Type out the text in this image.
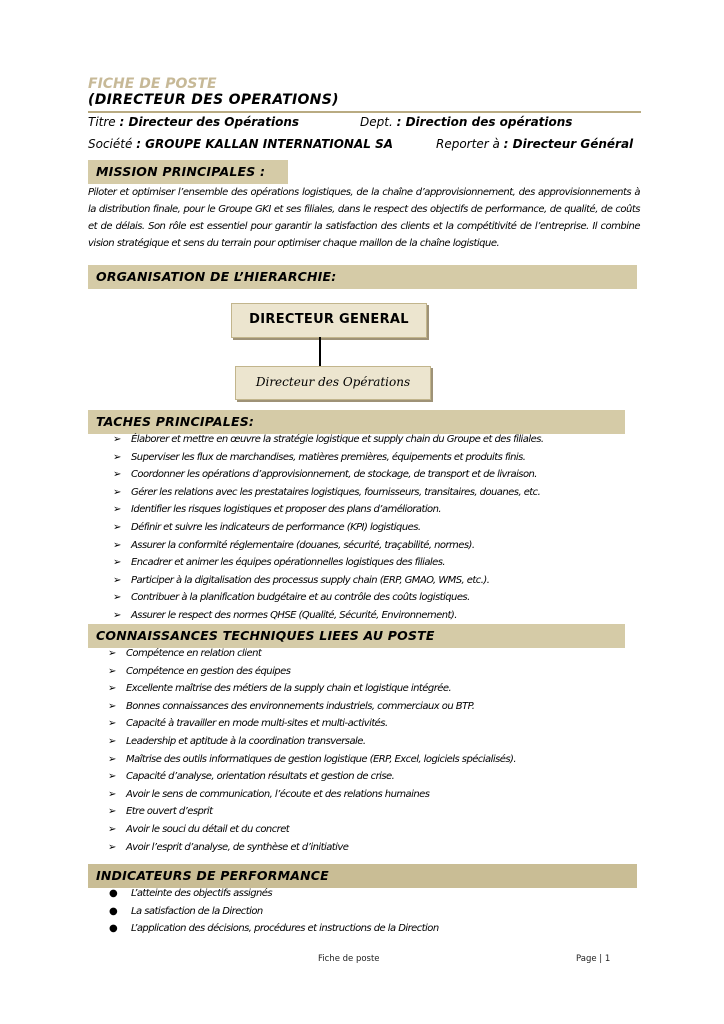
FICHE DE POSTE
(DIRECTEUR DES OPERATIONS)
Titre : Directeur des Opérations	Dept. : Direction des opérations
Société : GROUPE KALLAN INTERNATIONAL SA	Reporter à : Directeur Général
MISSION PRINCIPALES :
Piloter et optimiser l’ensemble des opérations logistiques, de la chaîne d’approvisionnement, des approvisionnements à la distribution finale, pour le Groupe GKI et ses filiales, dans le respect des objectifs de performance, de qualité, de coûts et de délais. Son rôle est essentiel pour garantir la satisfaction des clients et la compétitivité de l’entreprise. Il combine vision stratégique et sens du terrain pour optimiser chaque maillon de la chaîne logistique.
ORGANISATION DE L’HIERARCHIE:
DIRECTEUR GENERAL
Directeur des Opérations
TACHES PRINCIPALES:
➢ Élaborer et mettre en œuvre la stratégie logistique et supply chain du Groupe et des filiales.
➢ Superviser les flux de marchandises, matières premières, équipements et produits finis.
➢ Coordonner les opérations d’approvisionnement, de stockage, de transport et de livraison.
➢ Gérer les relations avec les prestataires logistiques, fournisseurs, transitaires, douanes, etc.
➢ Identifier les risques logistiques et proposer des plans d’amélioration.
➢ Définir et suivre les indicateurs de performance (KPI) logistiques.
➢ Assurer la conformité réglementaire (douanes, sécurité, traçabilité, normes).
➢ Encadrer et animer les équipes opérationnelles logistiques des filiales.
➢ Participer à la digitalisation des processus supply chain (ERP, GMAO, WMS, etc.).
➢ Contribuer à la planification budgétaire et au contrôle des coûts logistiques.
➢ Assurer le respect des normes QHSE (Qualité, Sécurité, Environnement).
CONNAISSANCES TECHNIQUES LIEES AU POSTE
➢ Compétence en relation client
➢ Compétence en gestion des équipes
➢ Excellente maîtrise des métiers de la supply chain et logistique intégrée.
➢ Bonnes connaissances des environnements industriels, commerciaux ou BTP.
➢ Capacité à travailler en mode multi-sites et multi-activités.
➢ Leadership et aptitude à la coordination transversale.
➢ Maîtrise des outils informatiques de gestion logistique (ERP, Excel, logiciels spécialisés).
➢ Capacité d’analyse, orientation résultats et gestion de crise.
➢ Avoir le sens de communication, l’écoute et des relations humaines
➢ Etre ouvert d’esprit
➢ Avoir le souci du détail et du concret
➢ Avoir l’esprit d’analyse, de synthèse et d’initiative
INDICATEURS DE PERFORMANCE
● L’atteinte des objectifs assignés
● La satisfaction de la Direction
● L’application des décisions, procédures et instructions de la Direction
Fiche de poste	Page | 1
